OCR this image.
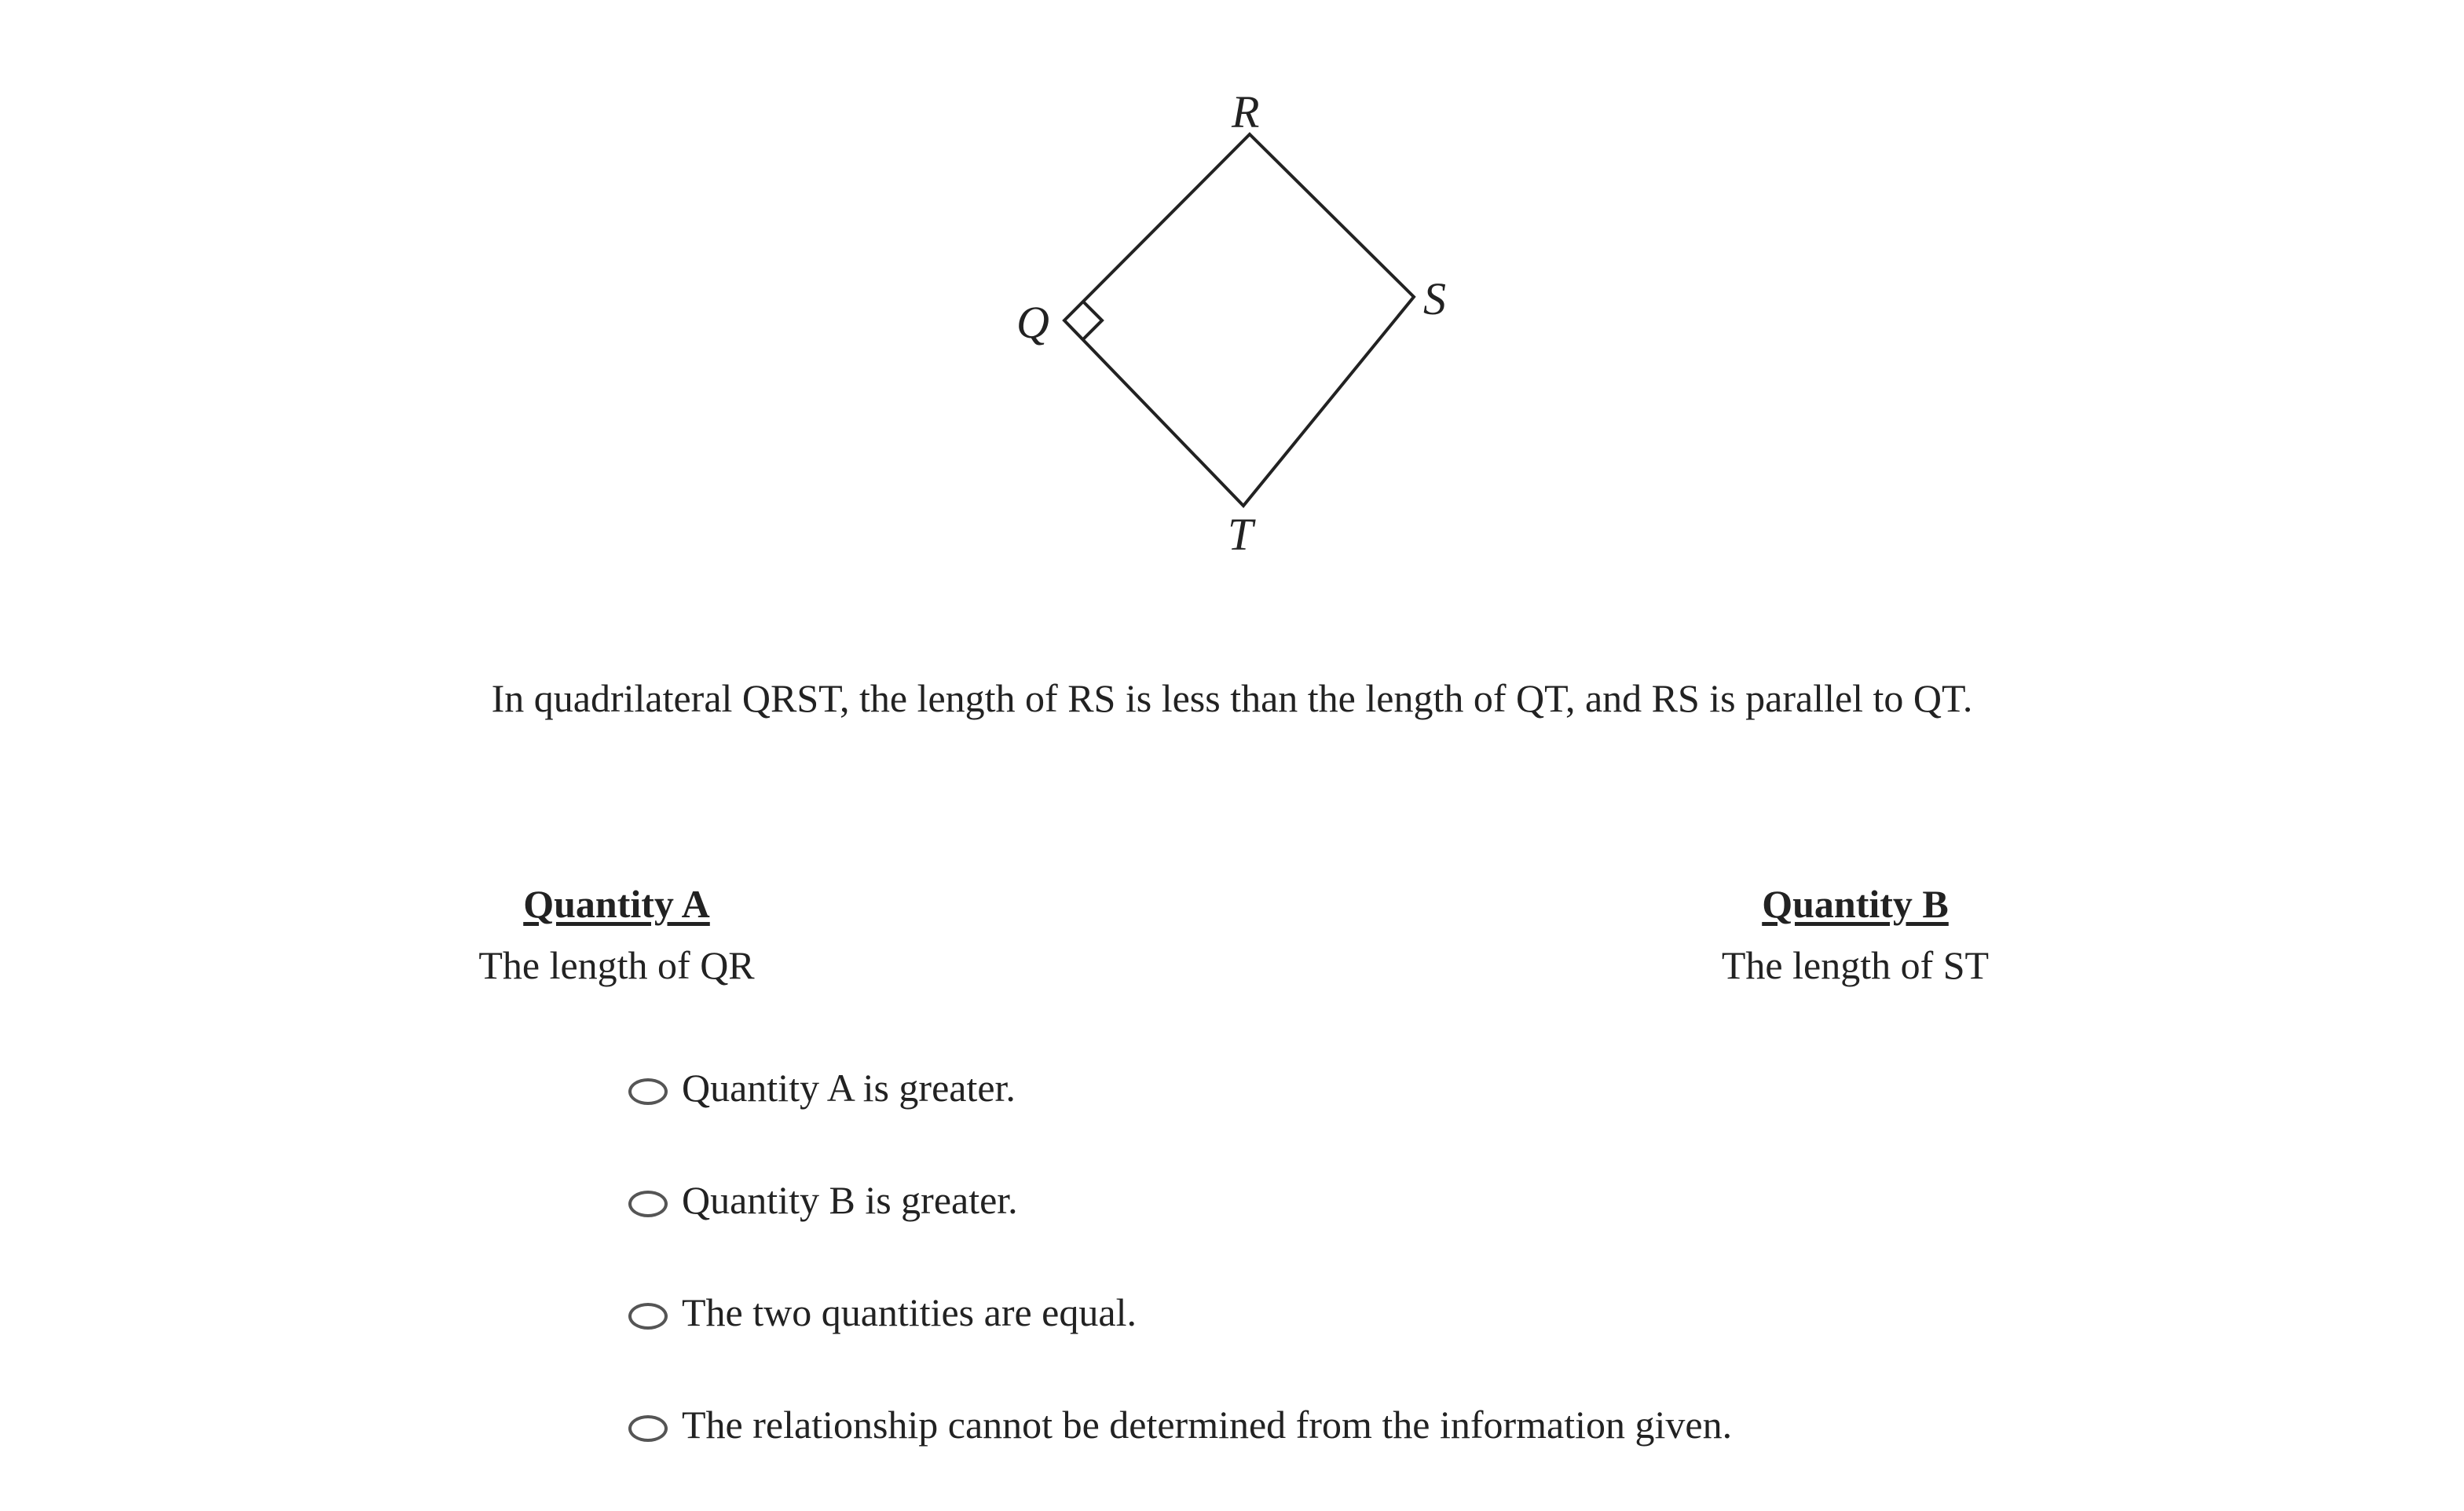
R
S
T
Q
In quadrilateral QRST, the length of RS is less than the length of QT, and RS is parallel to QT.
Quantity A
The length of QR
Quantity B
The length of ST
Quantity A is greater.
Quantity B is greater.
The two quantities are equal.
The relationship cannot be determined from the information given.
